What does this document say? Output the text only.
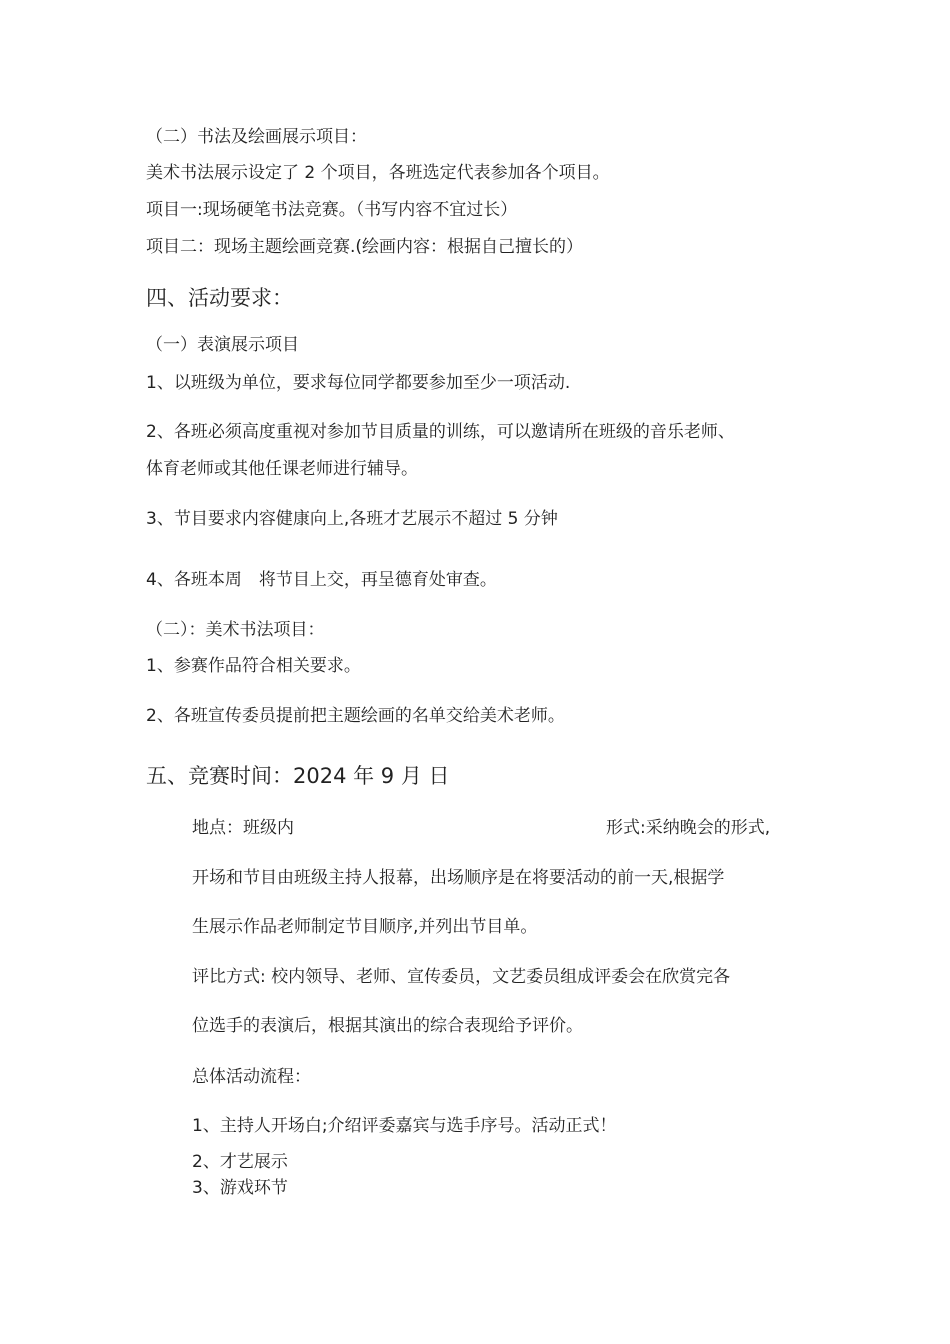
（二）书法及绘画展示项目：
美术书法展示设定了 2 个项目，各班选定代表参加各个项目。
项目一:现场硬笔书法竞赛。（书写内容不宜过长）
项目二：现场主题绘画竞赛.(绘画内容：根据自己擅长的）
四、活动要求：
（一）表演展示项目
1、以班级为单位，要求每位同学都要参加至少一项活动.
2、各班必须高度重视对参加节目质量的训练，可以邀请所在班级的音乐老师、
体育老师或其他任课老师进行辅导。
3、节目要求内容健康向上,各班才艺展示不超过 5 分钟
4、各班本周　将节目上交，再呈德育处审查。
（二）：美术书法项目：
1、参赛作品符合相关要求。
2、各班宣传委员提前把主题绘画的名单交给美术老师。
五、竞赛时间：2024 年 9 月 日
地点：班级内	形式:采纳晚会的形式,
开场和节目由班级主持人报幕，出场顺序是在将要活动的前一天,根据学
生展示作品老师制定节目顺序,并列出节目单。
评比方式: 校内领导、老师、宣传委员，文艺委员组成评委会在欣赏完各
位选手的表演后，根据其演出的综合表现给予评价。
总体活动流程：
1、主持人开场白;介绍评委嘉宾与选手序号。活动正式！
2、才艺展示
3、游戏环节
